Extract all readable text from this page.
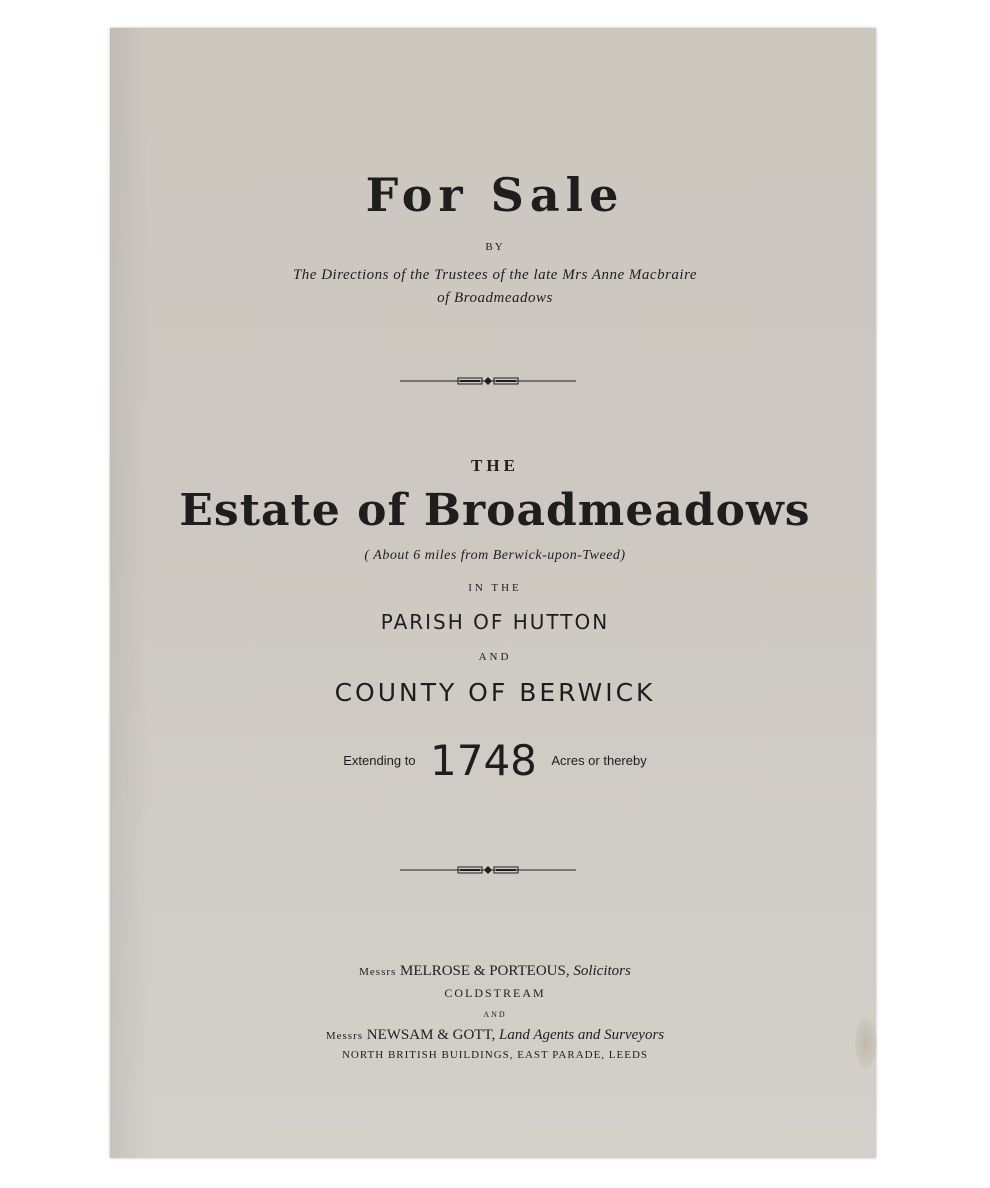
For Sale
BY
The Directions of the Trustees of the late Mrs Anne Macbraire
of Broadmeadows
THE
Estate of Broadmeadows
( About 6 miles from Berwick-upon-Tweed)
IN THE
PARISH OF HUTTON
AND
COUNTY OF BERWICK
Extending to 1748 Acres or thereby
Messrs MELROSE & PORTEOUS, Solicitors
COLDSTREAM
AND
Messrs NEWSAM & GOTT, Land Agents and Surveyors
NORTH BRITISH BUILDINGS, EAST PARADE, LEEDS
